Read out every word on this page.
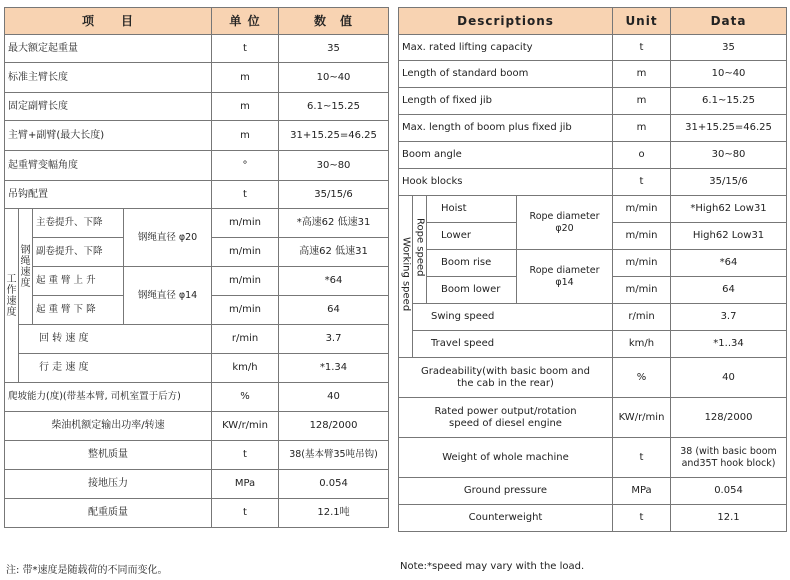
项　　目				单 位	数　值
最大额定起重量				t	35
标准主臂长度				m	10~40
固定副臂长度				m	6.1~15.25
主臂+副臂(最大长度)				m	31+15.25=46.25
起重臂变幅角度				°	30~80
吊钩配置				t	35/15/6
工作速度	钢绳速度	主卷提升、下降	钢绳直径 φ20	m/min	*高速62 低速31
		副卷提升、下降		m/min	高速62 低速31
		起 重 臂 上 升	钢绳直径 φ14	m/min	*64
		起 重 臂 下 降		m/min	64
	回 转 速 度			r/min	3.7
	行 走 速 度			km/h	*1.34
爬坡能力(度)(带基本臂, 司机室置于后方)				%	40
柴油机额定输出功率/转速				KW/r/min	128/2000
整机质量				t	38(基本臂35吨吊钩)
接地压力				MPa	0.054
配重质量				t	12.1吨
Descriptions				Unit	Data
Max. rated lifting capacity				t	35
Length of standard boom				m	10~40
Length of fixed jib				m	6.1~15.25
Max. length of boom plus fixed jib				m	31+15.25=46.25
Boom angle				o	30~80
Hook blocks				t	35/15/6
Working speed	Rope speed	Hoist	Rope diameter φ20	m/min	*High62 Low31
		Lower		m/min	High62 Low31
		Boom rise	Rope diameter φ14	m/min	*64
		Boom lower		m/min	64
	Swing speed			r/min	3.7
	Travel speed			km/h	*1..34
Gradeability(with basic boom and the cab in the rear)				%	40
Rated power output/rotation speed of diesel engine				KW/r/min	128/2000
Weight of whole machine				t	38 (with basic boom and35T hook block)
Ground pressure				MPa	0.054
Counterweight				t	12.1
注: 带*速度是随载荷的不同而变化。	Note:*speed may vary with the load.
